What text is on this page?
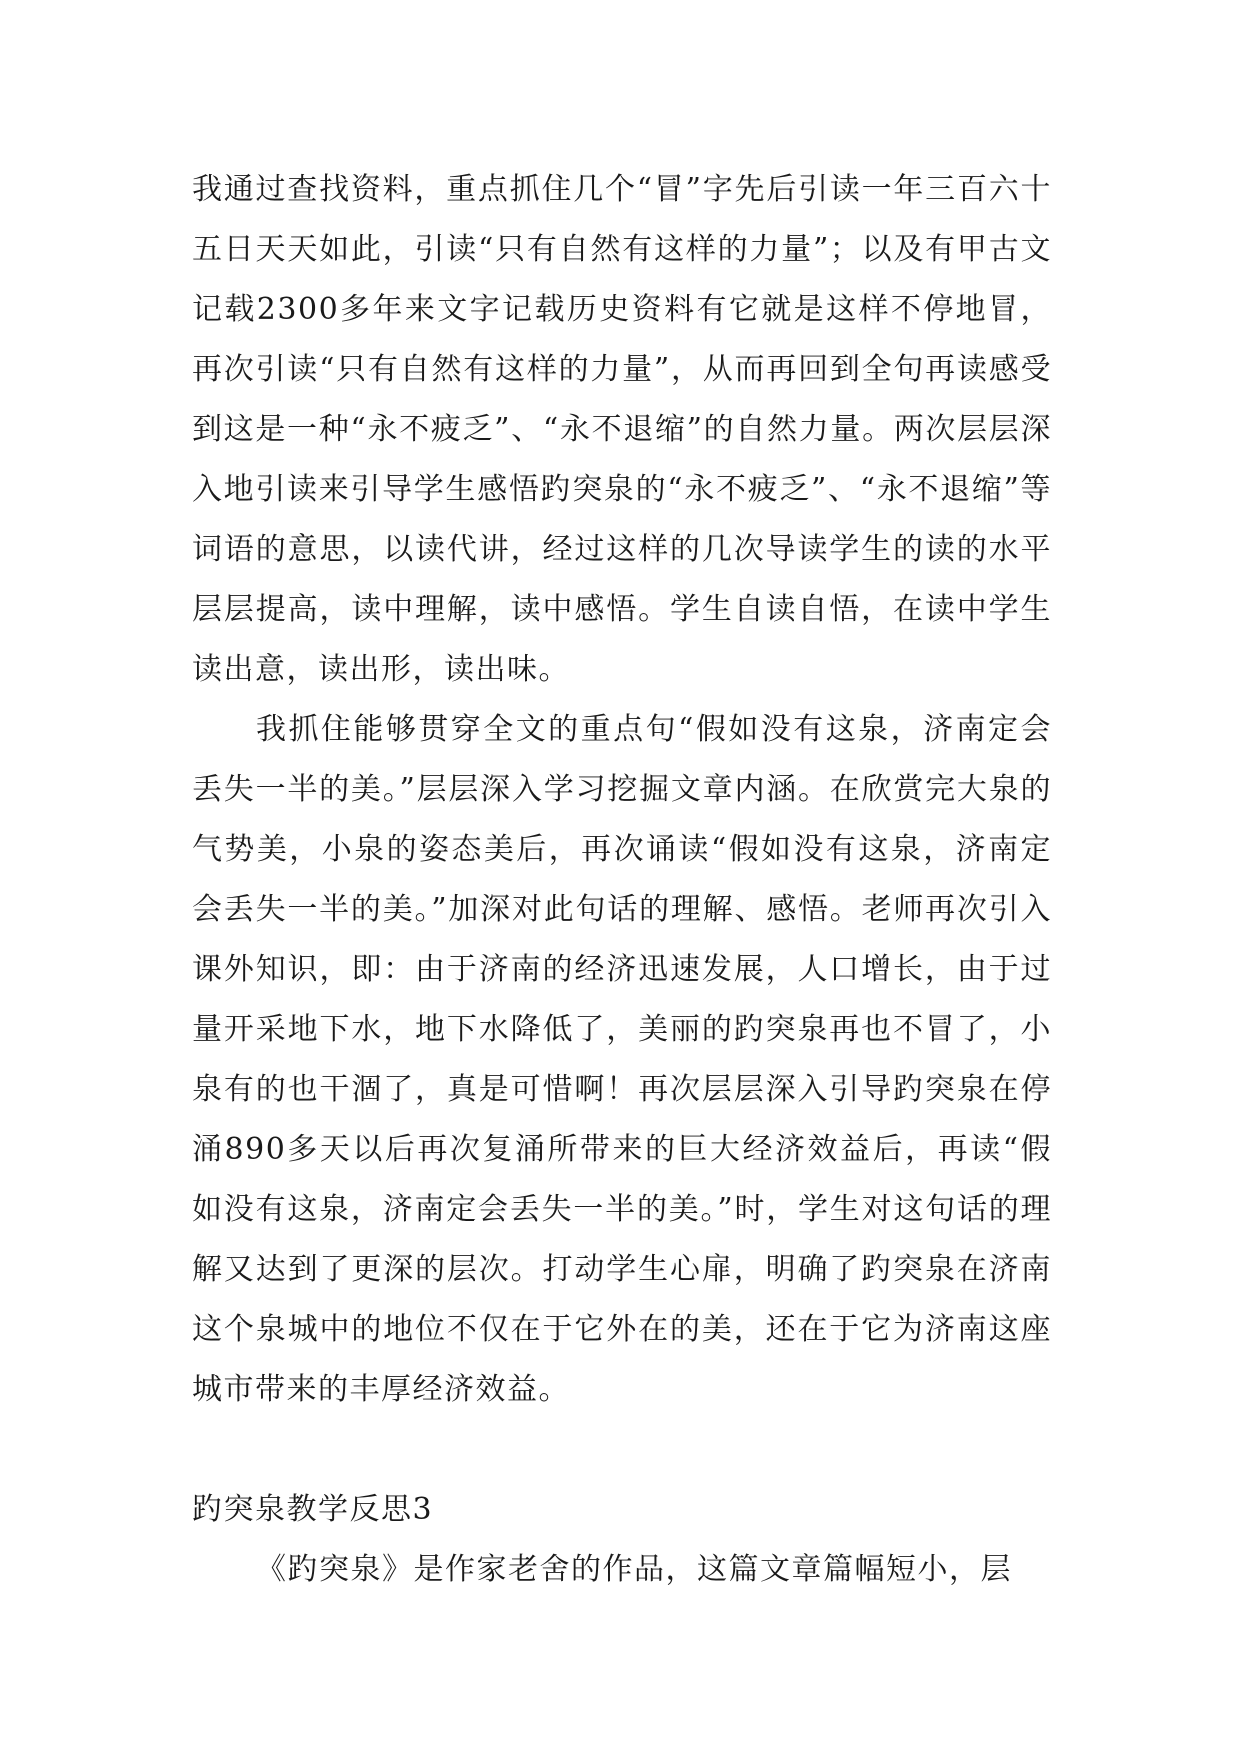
我通过查找资料，重点抓住几个“冒”字先后引读一年三百六十五日天天如此，引读“只有自然有这样的力量”；以及有甲古文记载2300多年来文字记载历史资料有它就是这样不停地冒，再次引读“只有自然有这样的力量”，从而再回到全句再读感受到这是一种“永不疲乏”、“永不退缩”的自然力量。两次层层深入地引读来引导学生感悟趵突泉的“永不疲乏”、“永不退缩”等词语的意思，以读代讲，经过这样的几次导读学生的读的水平层层提高，读中理解，读中感悟。学生自读自悟，在读中学生读出意，读出形，读出味。

我抓住能够贯穿全文的重点句“假如没有这泉，济南定会丢失一半的美。”层层深入学习挖掘文章内涵。在欣赏完大泉的气势美，小泉的姿态美后，再次诵读“假如没有这泉，济南定会丢失一半的美。”加深对此句话的理解、感悟。老师再次引入课外知识，即：由于济南的经济迅速发展，人口增长，由于过量开采地下水，地下水降低了，美丽的趵突泉再也不冒了，小泉有的也干涸了，真是可惜啊！再次层层深入引导趵突泉在停涌890多天以后再次复涌所带来的巨大经济效益后，再读“假如没有这泉，济南定会丢失一半的美。”时，学生对这句话的理解又达到了更深的层次。打动学生心扉，明确了趵突泉在济南这个泉城中的地位不仅在于它外在的美，还在于它为济南这座城市带来的丰厚经济效益。

趵突泉教学反思3

《趵突泉》是作家老舍的作品，这篇文章篇幅短小，层
